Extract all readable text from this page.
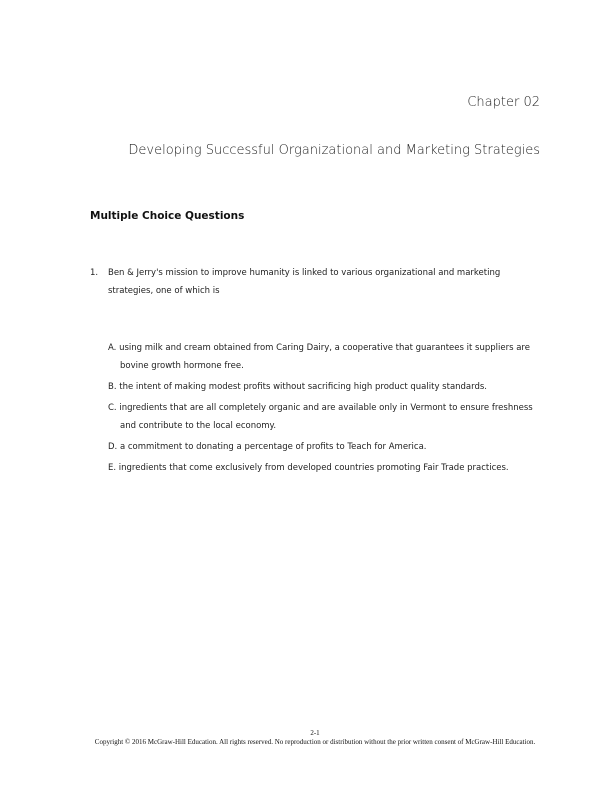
Chapter 02
Developing Successful Organizational and Marketing Strategies
Multiple Choice Questions
1. Ben & Jerry's mission to improve humanity is linked to various organizational and marketing strategies, one of which is
A. using milk and cream obtained from Caring Dairy, a cooperative that guarantees it suppliers are bovine growth hormone free.
B. the intent of making modest profits without sacrificing high product quality standards.
C. ingredients that are all completely organic and are available only in Vermont to ensure freshness and contribute to the local economy.
D. a commitment to donating a percentage of profits to Teach for America.
E. ingredients that come exclusively from developed countries promoting Fair Trade practices.
2-1
Copyright © 2016 McGraw-Hill Education. All rights reserved. No reproduction or distribution without the prior written consent of McGraw-Hill Education.
